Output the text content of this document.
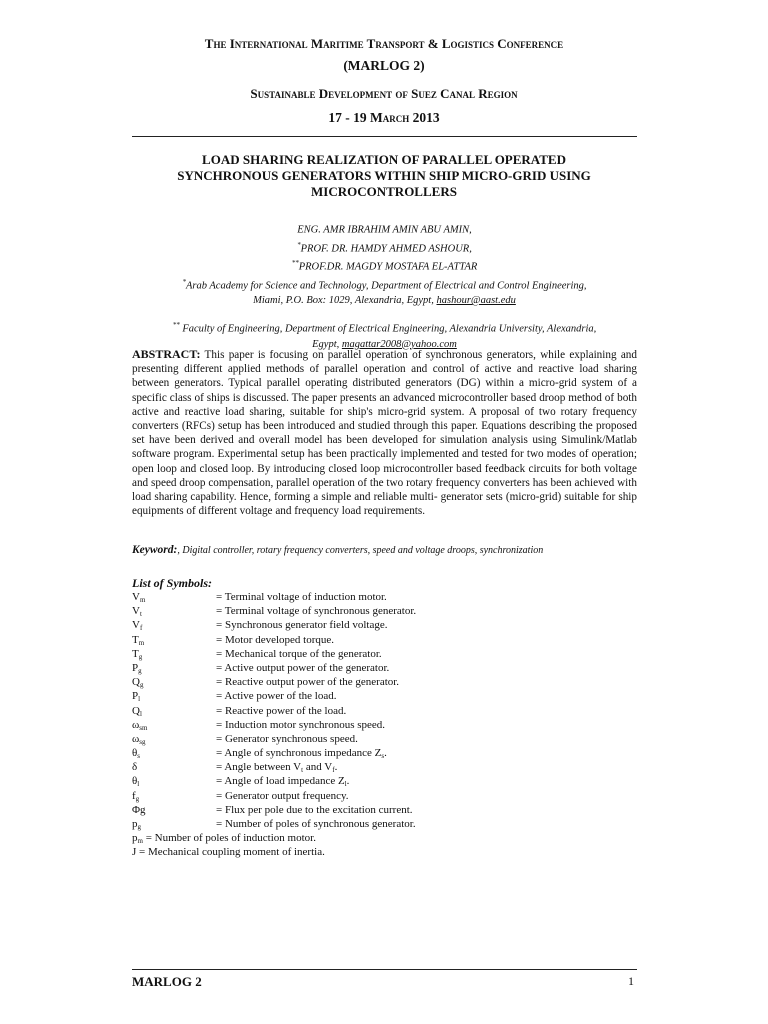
The International Maritime Transport & Logistics Conference
(MARLOG 2)
Sustainable Development of Suez Canal Region
17 - 19 March 2013
LOAD SHARING REALIZATION OF PARALLEL OPERATED
SYNCHRONOUS GENERATORS WITHIN SHIP MICRO-GRID USING
MICROCONTROLLERS
ENG. AMR IBRAHIM AMIN ABU AMIN,
*PROF. DR. HAMDY AHMED ASHOUR,
**PROF.DR. MAGDY MOSTAFA EL-ATTAR
*Arab Academy for Science and Technology, Department of Electrical and Control Engineering,
Miami, P.O. Box: 1029, Alexandria, Egypt, hashour@aast.edu
** Faculty of Engineering, Department of Electrical Engineering, Alexandria University, Alexandria,
Egypt, magattar2008@yahoo.com
ABSTRACT: This paper is focusing on parallel operation of synchronous generators, while explaining and presenting different applied methods of parallel operation and control of active and reactive load sharing between generators. Typical parallel operating distributed generators (DG) within a micro-grid system of a specific class of ships is discussed. The paper presents an advanced microcontroller based droop method of both active and reactive load sharing, suitable for ship's micro-grid system. A proposal of two rotary frequency converters (RFCs) setup has been introduced and studied through this paper. Equations describing the proposed set have been derived and overall model has been developed for simulation analysis using Simulink/Matlab software program. Experimental setup has been practically implemented and tested for two modes of operation; open loop and closed loop. By introducing closed loop microcontroller based feedback circuits for both voltage and speed droop compensation, parallel operation of the two rotary frequency converters has been achieved with load sharing capability. Hence, forming a simple and reliable multi- generator sets (micro-grid) suitable for ship equipments of different voltage and frequency load requirements.
Keyword:, Digital controller, rotary frequency converters, speed and voltage droops, synchronization
List of Symbols:
$V_m$	= Terminal voltage of induction motor.
$V_t$	= Terminal voltage of synchronous generator.
$V_f$	= Synchronous generator field voltage.
$T_m$	= Motor developed torque.
$T_g$	= Mechanical torque of the generator.
$P_g$	= Active output power of the generator.
$Q_g$	= Reactive output power of the generator.
$P_l$	= Active power of the load.
$Q_l$	= Reactive power of the load.
$\omega_{sm}$	= Induction motor synchronous speed.
$\omega_{sg}$	= Generator synchronous speed.
$\theta_s$	= Angle of synchronous impedance $Z_s$.
δ	= Angle between $V_t$ and $V_f$.
$\theta_l$	= Angle of load impedance $Z_l$.
$f_g$	= Generator output frequency.
Φg	= Flux per pole due to the excitation current.
$p_g$	= Number of poles of synchronous generator.
$p_m$ = Number of poles of induction motor.
J = Mechanical coupling moment of inertia.
MARLOG 2	1
